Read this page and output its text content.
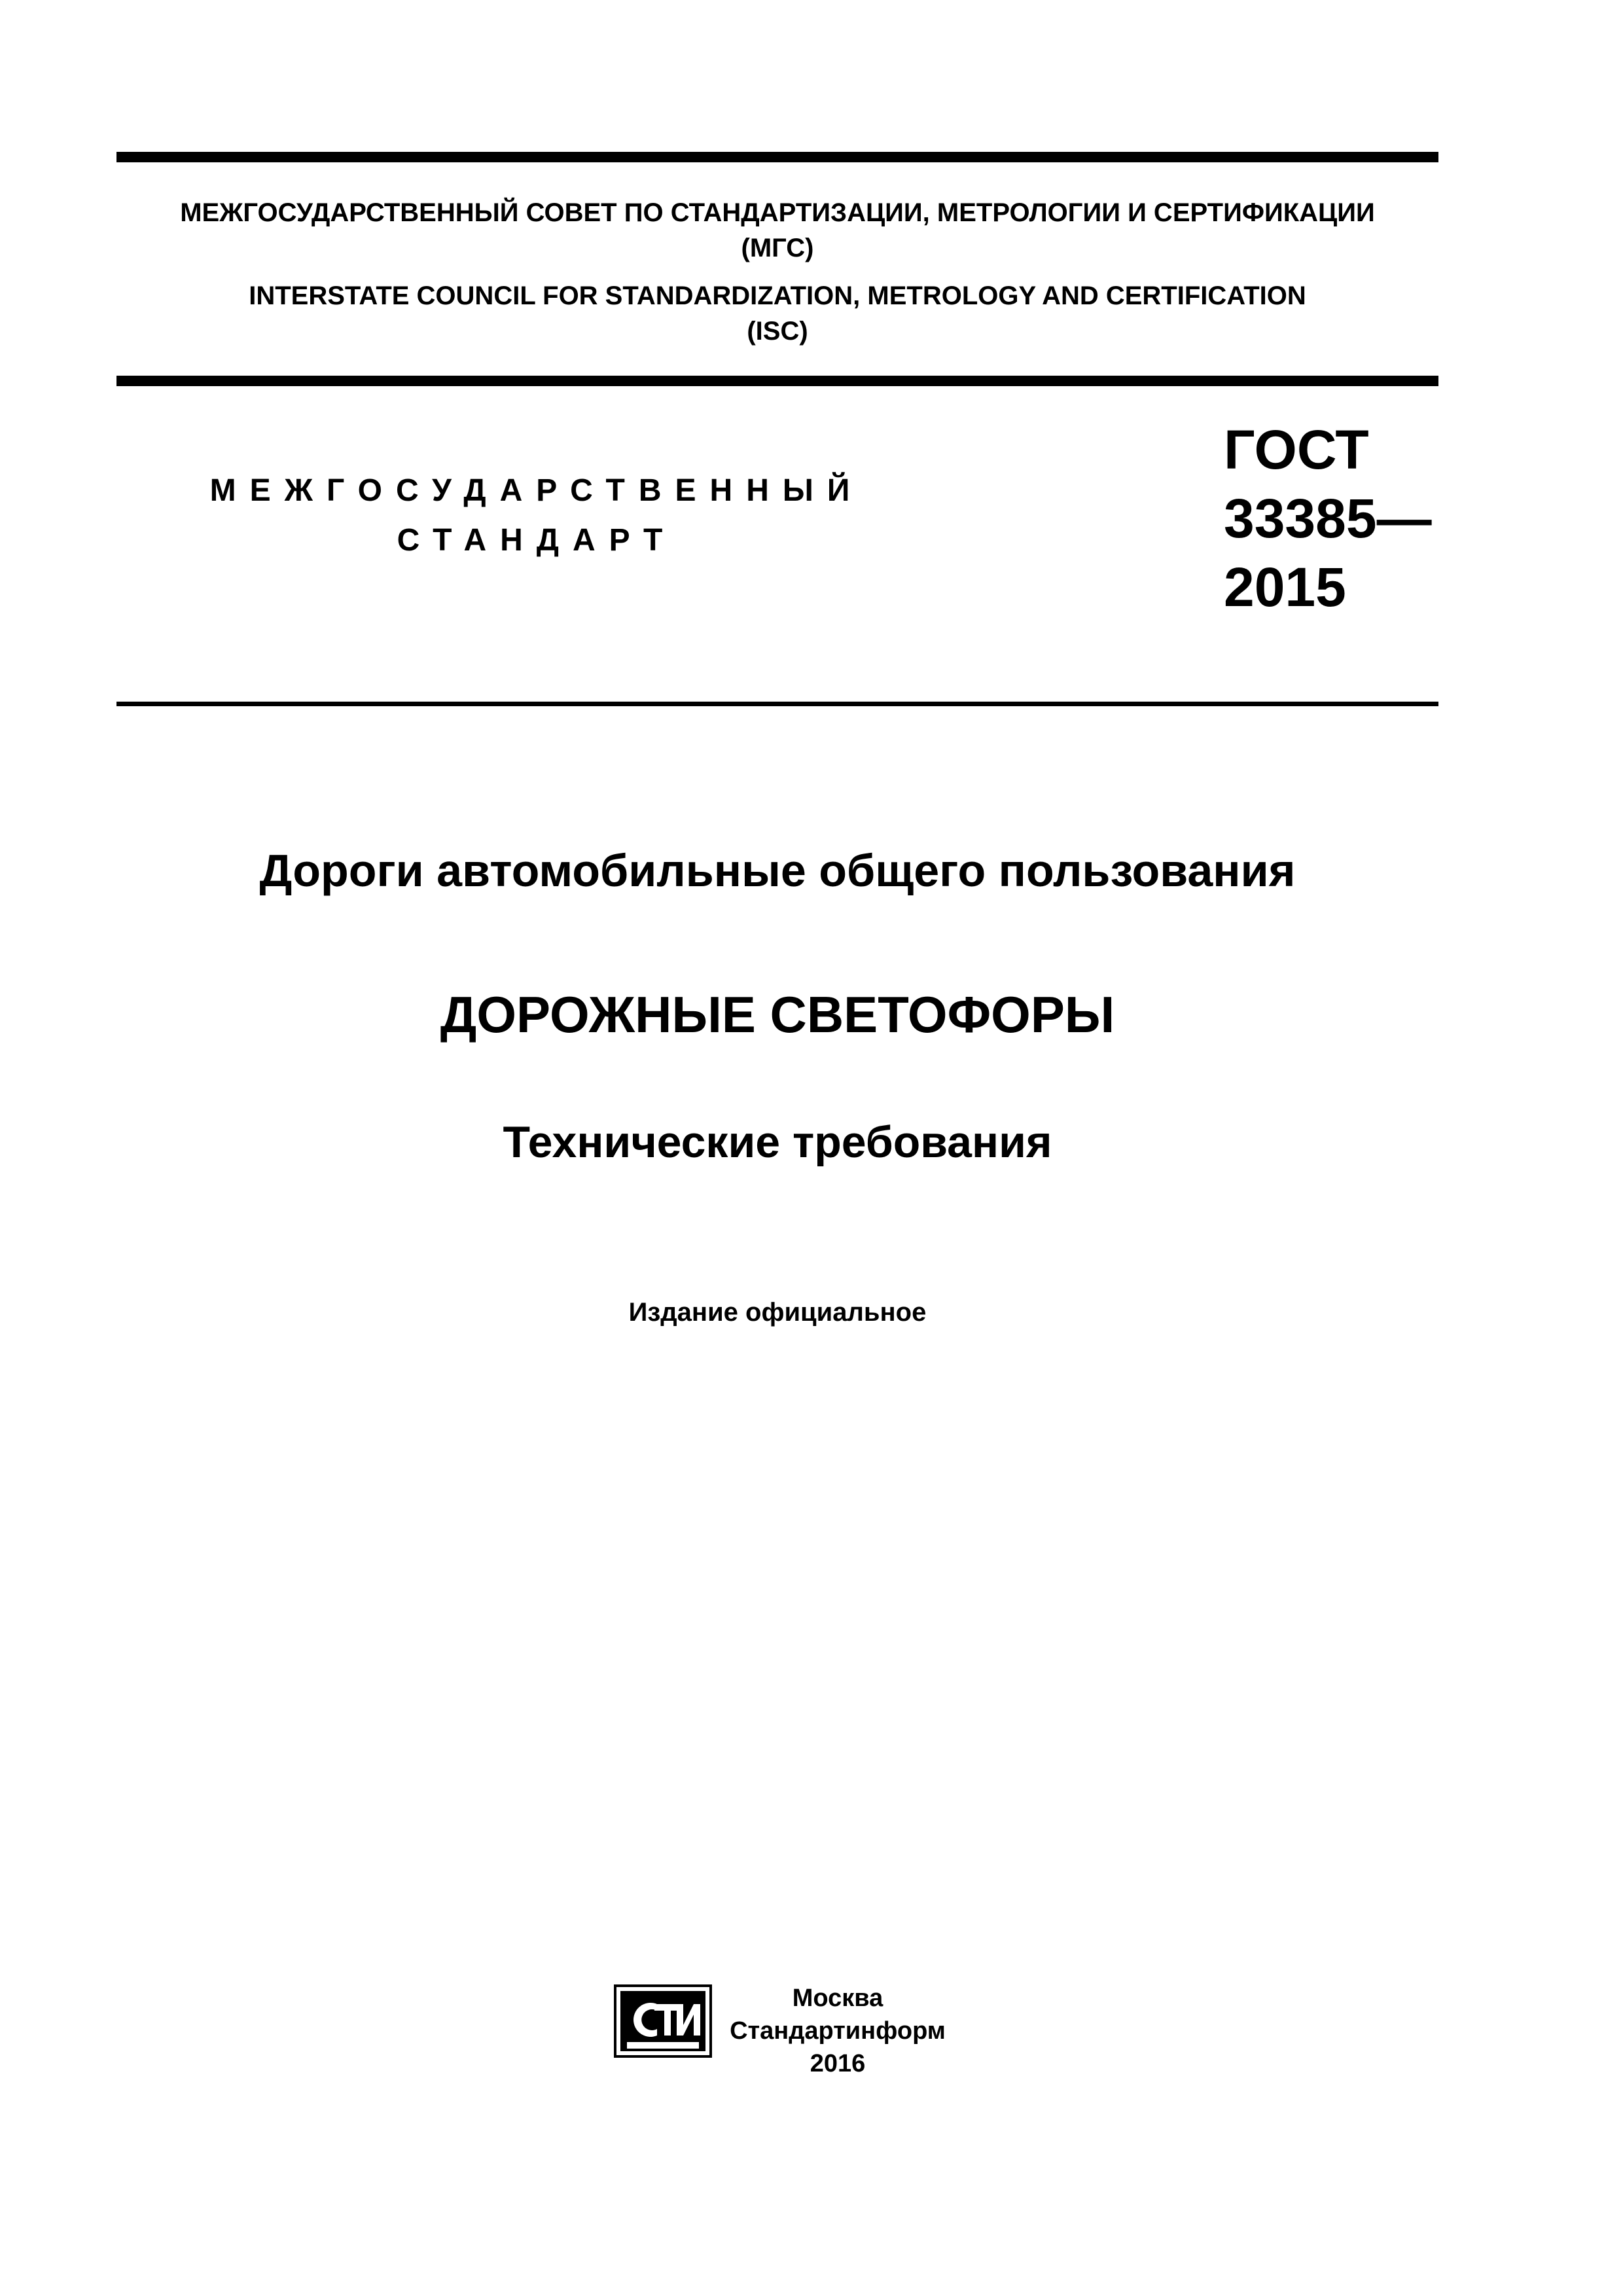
МЕЖГОСУДАРСТВЕННЫЙ СОВЕТ ПО СТАНДАРТИЗАЦИИ, МЕТРОЛОГИИ И СЕРТИФИКАЦИИ

(МГС)

INTERSTATE COUNCIL FOR STANDARDIZATION, METROLOGY AND CERTIFICATION

(ISC)

МЕЖГОСУДАРСТВЕННЫЙ
СТАНДАРТ
ГОСТ
33385—
2015
Дороги автомобильные общего пользования
ДОРОЖНЫЕ СВЕТОФОРЫ
Технические требования
Издание официальное
Москва
Стандартинформ
2016
